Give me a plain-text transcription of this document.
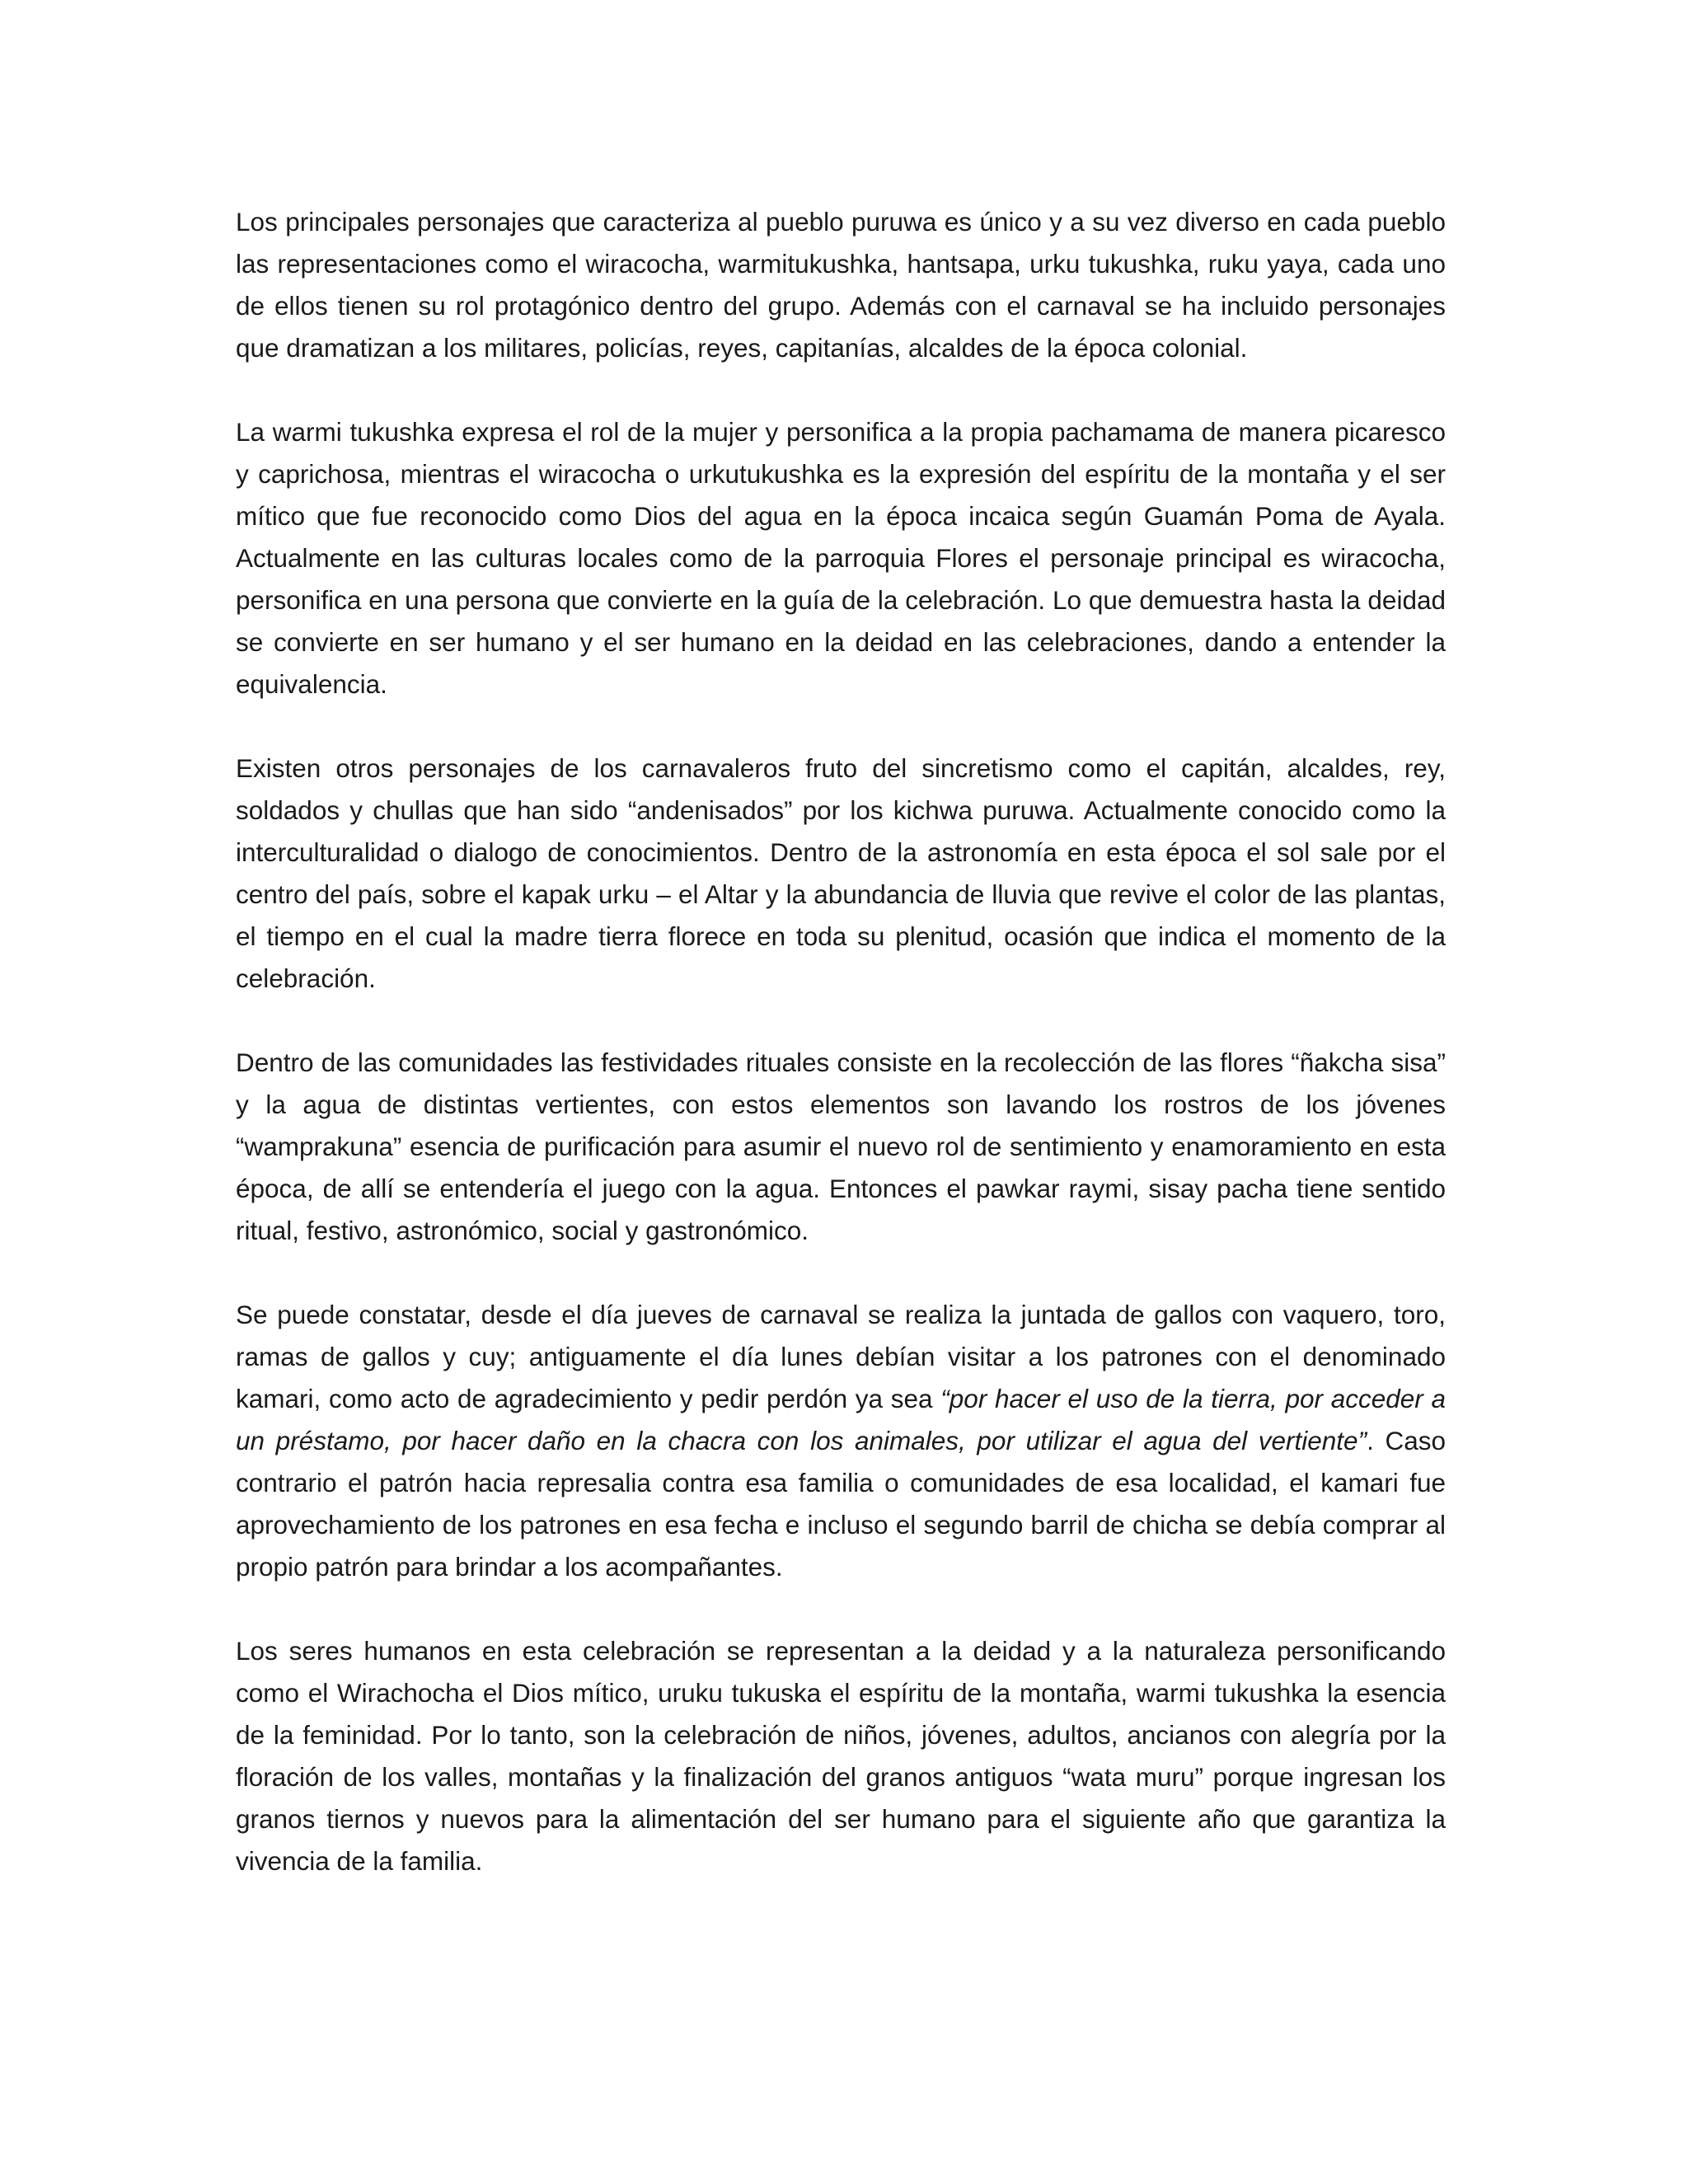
Los principales personajes que caracteriza al pueblo puruwa es único y a su vez diverso en cada pueblo las representaciones como el wiracocha, warmitukushka, hantsapa, urku tukushka, ruku yaya, cada uno de ellos tienen su rol protagónico dentro del grupo. Además con el carnaval se ha incluido personajes que dramatizan a los militares, policías, reyes, capitanías, alcaldes de la época colonial.

La warmi tukushka expresa el rol de la mujer y personifica a la propia pachamama de manera picaresco y caprichosa, mientras el wiracocha o urkutukushka es la expresión del espíritu de la montaña y el ser mítico que fue reconocido como Dios del agua en la época incaica según Guamán Poma de Ayala. Actualmente en las culturas locales como de la parroquia Flores el personaje principal es wiracocha, personifica en una persona que convierte en la guía de la celebración. Lo que demuestra hasta la deidad se convierte en ser humano y el ser humano en la deidad en las celebraciones, dando a entender la equivalencia.

Existen otros personajes de los carnavaleros fruto del sincretismo como el capitán, alcaldes, rey, soldados y chullas que han sido “andenisados” por los kichwa puruwa. Actualmente conocido como la interculturalidad o dialogo de conocimientos. Dentro de la astronomía en esta época el sol sale por el centro del país, sobre el kapak urku – el Altar y la abundancia de lluvia que revive el color de las plantas, el tiempo en el cual la madre tierra florece en toda su plenitud, ocasión que indica el momento de la celebración.

Dentro de las comunidades las festividades rituales consiste en la recolección de las flores “ñakcha sisa” y la agua de distintas vertientes, con estos elementos son lavando los rostros de los jóvenes “wamprakuna” esencia de purificación para asumir el nuevo rol de sentimiento y enamoramiento en esta época, de allí se entendería el juego con la agua. Entonces el pawkar raymi, sisay pacha tiene sentido ritual, festivo, astronómico, social y gastronómico.

Se puede constatar, desde el día jueves de carnaval se realiza la juntada de gallos con vaquero, toro, ramas de gallos y cuy; antiguamente el día lunes debían visitar a los patrones con el denominado kamari, como acto de agradecimiento y pedir perdón ya sea “por hacer el uso de la tierra, por acceder a un préstamo, por hacer daño en la chacra con los animales, por utilizar el agua del vertiente”. Caso contrario el patrón hacia represalia contra esa familia o comunidades de esa localidad, el kamari fue aprovechamiento de los patrones en esa fecha e incluso el segundo barril de chicha se debía comprar al propio patrón para brindar a los acompañantes.

Los seres humanos en esta celebración se representan a la deidad y a la naturaleza personificando como el Wirachocha el Dios mítico, uruku tukuska el espíritu de la montaña, warmi tukushka la esencia de la feminidad. Por lo tanto, son la celebración de niños, jóvenes, adultos, ancianos con alegría por la floración de los valles, montañas y la finalización del granos antiguos “wata muru” porque ingresan los granos tiernos y nuevos para la alimentación del ser humano para el siguiente año que garantiza la vivencia de la familia.
